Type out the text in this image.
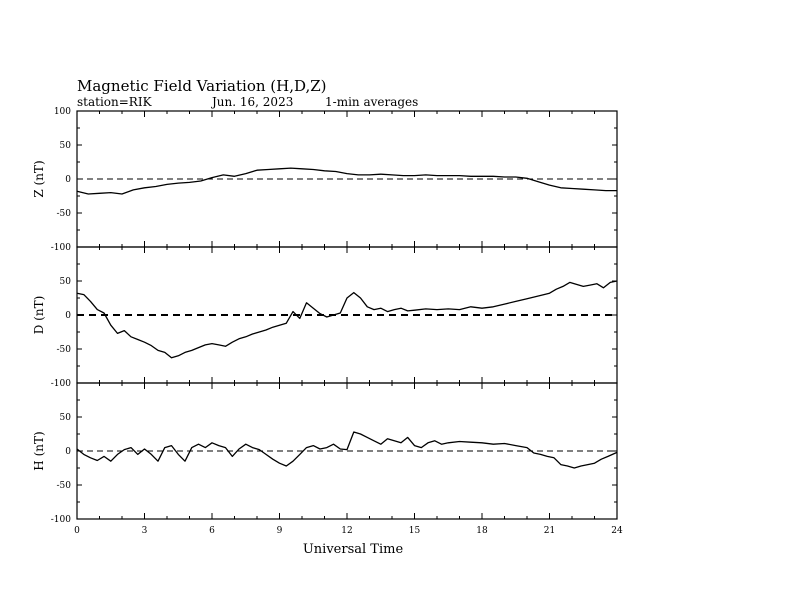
Magnetic Field Variation (H,D,Z)
station=RIK	Jun. 16, 2023	1-min averages
100
50
0
-50
-100
Z (nT)
50
0
-50
-100
D (nT)
50
0
-50
-100
H (nT)
0	3	6	9	12	15	18	21	24
Universal Time
